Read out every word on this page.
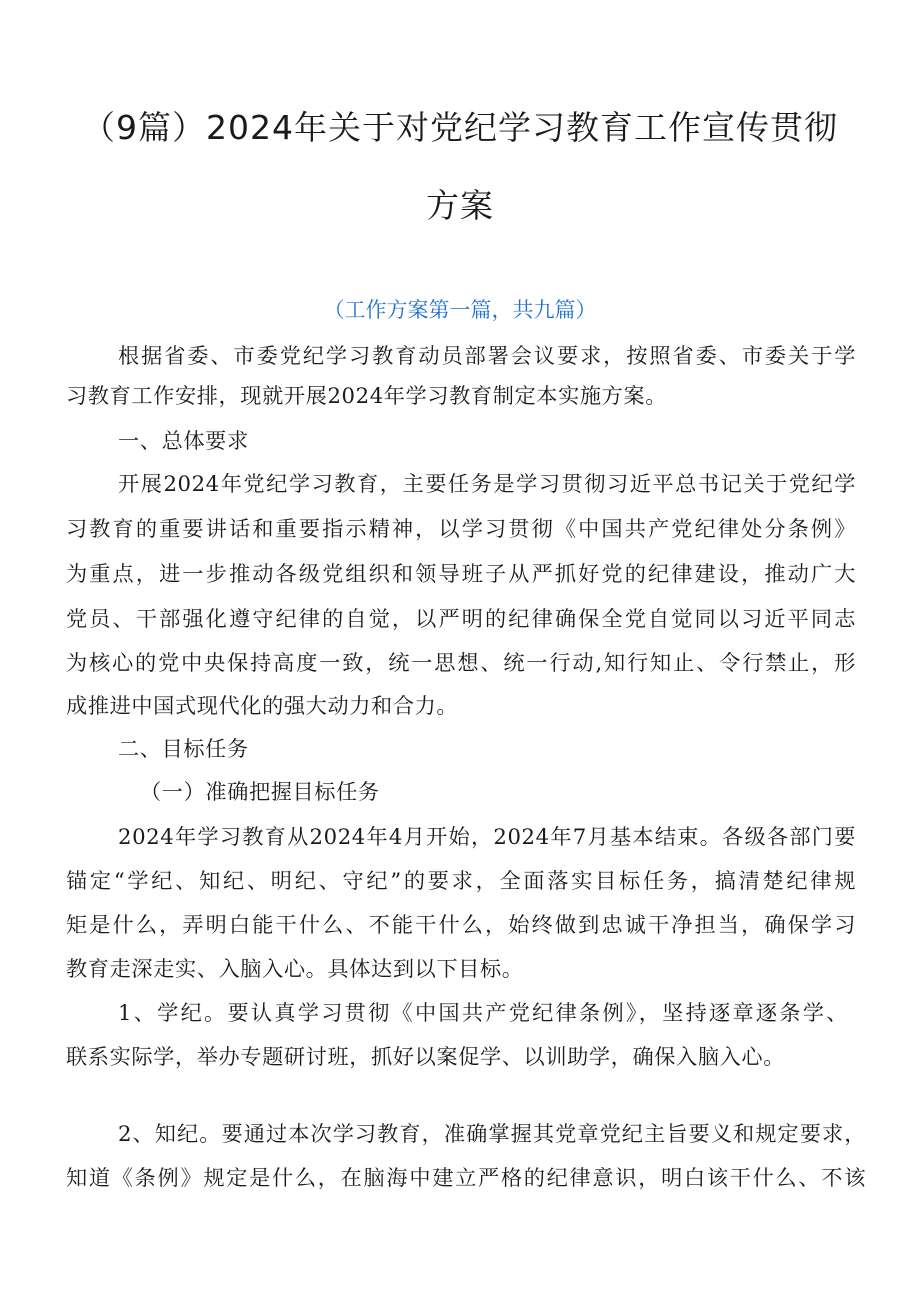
（9篇）2024年关于对党纪学习教育工作宣传贯彻
方案
（工作方案第一篇，共九篇）
根据省委、市委党纪学习教育动员部署会议要求，按照省委、市委关于学
习教育工作安排，现就开展2024年学习教育制定本实施方案。
一、总体要求
开展2024年党纪学习教育，主要任务是学习贯彻习近平总书记关于党纪学
习教育的重要讲话和重要指示精神，以学习贯彻《中国共产党纪律处分条例》
为重点，进一步推动各级党组织和领导班子从严抓好党的纪律建设，推动广大
党员、干部强化遵守纪律的自觉，以严明的纪律确保全党自觉同以习近平同志
为核心的党中央保持高度一致，统一思想、统一行动,知行知止、令行禁止，形
成推进中国式现代化的强大动力和合力。
二、目标任务
（一）准确把握目标任务
2024年学习教育从2024年4月开始，2024年7月基本结束。各级各部门要
锚定“学纪、知纪、明纪、守纪”的要求，全面落实目标任务，搞清楚纪律规
矩是什么，弄明白能干什么、不能干什么，始终做到忠诚干净担当，确保学习
教育走深走实、入脑入心。具体达到以下目标。
1、学纪。要认真学习贯彻《中国共产党纪律条例》，坚持逐章逐条学、
联系实际学，举办专题研讨班，抓好以案促学、以训助学，确保入脑入心。
2、知纪。要通过本次学习教育，准确掌握其党章党纪主旨要义和规定要求，
知道《条例》规定是什么，在脑海中建立严格的纪律意识，明白该干什么、不该
